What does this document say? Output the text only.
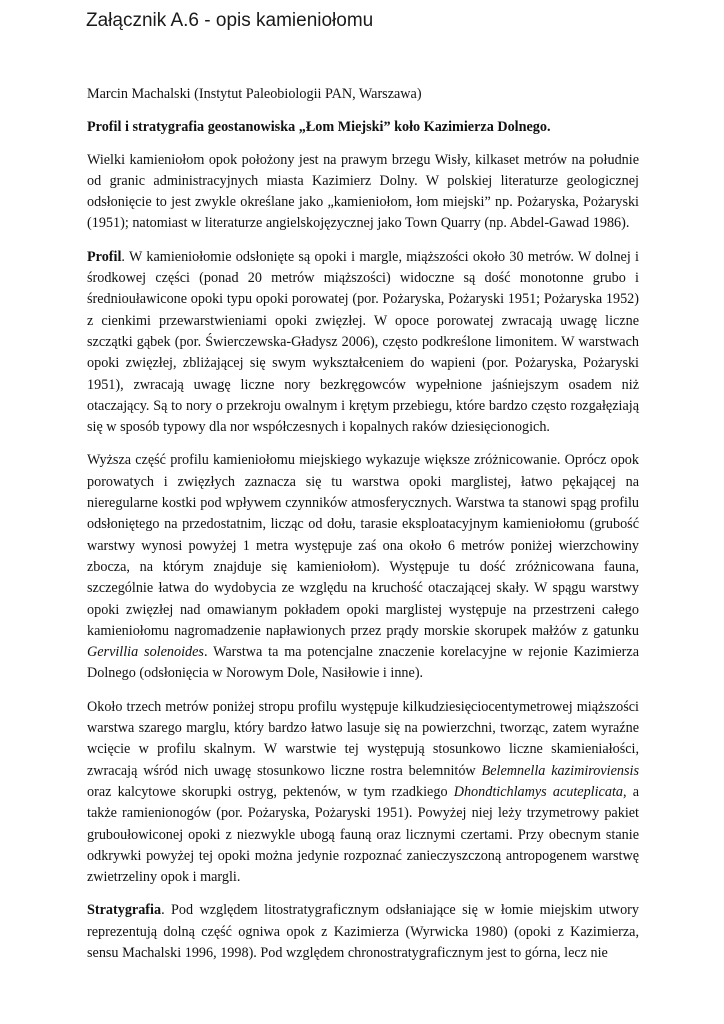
Załącznik A.6 - opis kamieniołomu
Marcin Machalski (Instytut Paleobiologii PAN, Warszawa)
Profil i stratygrafia geostanowiska „Łom Miejski” koło Kazimierza Dolnego.

Wielki kamieniołom opok położony jest na prawym brzegu Wisły, kilkaset metrów na południe od granic administracyjnych miasta Kazimierz Dolny. W polskiej literaturze geologicznej odsłonięcie to jest zwykle określane jako „kamieniołom, łom miejski” np. Pożaryska, Pożaryski (1951); natomiast w literaturze angielskojęzycznej jako Town Quarry (np. Abdel-Gawad 1986).

Profil. W kamieniołomie odsłonięte są opoki i margle, miąższości około 30 metrów. W dolnej i środkowej części (ponad 20 metrów miąższości) widoczne są dość monotonne grubo i średniouławicone opoki typu opoki porowatej (por. Pożaryska, Pożaryski 1951; Pożaryska 1952) z cienkimi przewarstwieniami opoki zwięzłej. W opoce porowatej zwracają uwagę liczne szczątki gąbek (por. Świerczewska-Gładysz 2006), często podkreślone limonitem. W warstwach opoki zwięzłej, zbliżającej się swym wykształceniem do wapieni (por. Pożaryska, Pożaryski 1951), zwracają uwagę liczne nory bezkręgowców wypełnione jaśniejszym osadem niż otaczający. Są to nory o przekroju owalnym i krętym przebiegu, które bardzo często rozgałęziają się w sposób typowy dla nor współczesnych i kopalnych raków dziesięcionogich.

Wyższa część profilu kamieniołomu miejskiego wykazuje większe zróżnicowanie. Oprócz opok porowatych i zwięzłych zaznacza się tu warstwa opoki marglistej, łatwo pękającej na nieregularne kostki pod wpływem czynników atmosferycznych. Warstwa ta stanowi spąg profilu odsłoniętego na przedostatnim, licząc od dołu, tarasie eksploatacyjnym kamieniołomu (grubość warstwy wynosi powyżej 1 metra występuje zaś ona około 6 metrów poniżej wierzchowiny zbocza, na którym znajduje się kamieniołom). Występuje tu dość zróżnicowana fauna, szczególnie łatwa do wydobycia ze względu na kruchość otaczającej skały. W spągu warstwy opoki zwięzłej nad omawianym pokładem opoki marglistej występuje na przestrzeni całego kamieniołomu nagromadzenie napławionych przez prądy morskie skorupek małżów z gatunku Gervillia solenoides. Warstwa ta ma potencjalne znaczenie korelacyjne w rejonie Kazimierza Dolnego (odsłonięcia w Norowym Dole, Nasiłowie i inne).

Około trzech metrów poniżej stropu profilu występuje kilkudziesięciocentymetrowej miąższości warstwa szarego marglu, który bardzo łatwo lasuje się na powierzchni, tworząc, zatem wyraźne wcięcie w profilu skalnym. W warstwie tej występują stosunkowo liczne skamieniałości, zwracają wśród nich uwagę stosunkowo liczne rostra belemnitów Belemnella kazimiroviensis oraz kalcytowe skorupki ostryg, pektenów, w tym rzadkiego Dhondtichlamys acuteplicata, a także ramienionogów (por. Pożaryska, Pożaryski 1951). Powyżej niej leży trzymetrowy pakiet gruboułowiconej opoki z niezwykle ubogą fauną oraz licznymi czertami. Przy obecnym stanie odkrywki powyżej tej opoki można jedynie rozpoznać zanieczyszczoną antropogenem warstwę zwietrzeliny opok i margli.

Stratygrafia. Pod względem litostratygraficznym odsłaniające się w łomie miejskim utwory reprezentują dolną część ogniwa opok z Kazimierza (Wyrwicka 1980) (opoki z Kazimierza, sensu Machalski 1996, 1998). Pod względem chronostratygraficznym jest to górna, lecz nie
